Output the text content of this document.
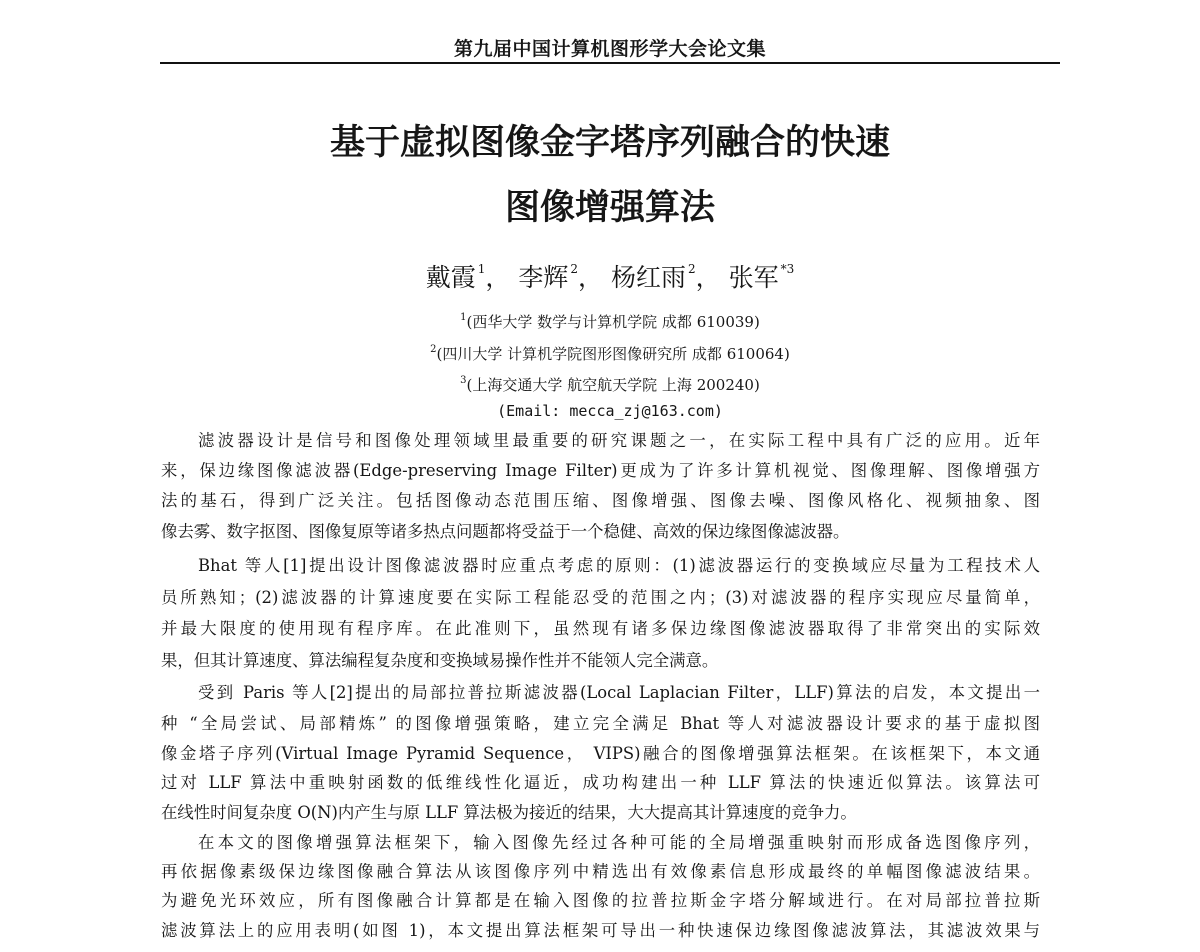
第九届中国计算机图形学大会论文集
基于虚拟图像金字塔序列融合的快速
图像增强算法
戴霞 $^1$， 李辉 $^2$， 杨红雨 $^2$， 张军 $^{*3}$
$^1$(西华大学 数学与计算机学院 成都 610039)
$^2$(四川大学 计算机学院图形图像研究所 成都 610064)
$^3$(上海交通大学 航空航天学院 上海 200240)
(Email: mecca_zj@163.com)
滤波器设计是信号和图像处理领域里最重要的研究课题之一，在实际工程中具有广泛的应用。近年
来，保边缘图像滤波器(Edge-preserving Image Filter)更成为了许多计算机视觉、图像理解、图像增强方
法的基石，得到广泛关注。包括图像动态范围压缩、图像增强、图像去噪、图像风格化、视频抽象、图
像去雾、数字抠图、图像复原等诸多热点问题都将受益于一个稳健、高效的保边缘图像滤波器。
Bhat 等人[1]提出设计图像滤波器时应重点考虑的原则：(1)滤波器运行的变换域应尽量为工程技术人
员所熟知；(2)滤波器的计算速度要在实际工程能忍受的范围之内；(3)对滤波器的程序实现应尽量简单，
并最大限度的使用现有程序库。在此准则下，虽然现有诸多保边缘图像滤波器取得了非常突出的实际效
果，但其计算速度、算法编程复杂度和变换域易操作性并不能领人完全满意。
受到 Paris 等人[2]提出的局部拉普拉斯滤波器(Local Laplacian Filter，LLF)算法的启发，本文提出一
种 “全局尝试、局部精炼” 的图像增强策略，建立完全满足 Bhat 等人对滤波器设计要求的基于虚拟图
像金塔子序列(Virtual Image Pyramid Sequence， VIPS)融合的图像增强算法框架。在该框架下，本文通
过对 LLF 算法中重映射函数的低维线性化逼近，成功构建出一种 LLF 算法的快速近似算法。该算法可
在线性时间复杂度 O(N)内产生与原 LLF 算法极为接近的结果，大大提高其计算速度的竞争力。
在本文的图像增强算法框架下，输入图像先经过各种可能的全局增强重映射而形成备选图像序列，
再依据像素级保边缘图像融合算法从该图像序列中精选出有效像素信息形成最终的单幅图像滤波结果。
为避免光环效应，所有图像融合计算都是在输入图像的拉普拉斯金字塔分解域进行。在对局部拉普拉斯
滤波算法上的应用表明(如图 1)，本文提出算法框架可导出一种快速保边缘图像滤波算法，其滤波效果与
